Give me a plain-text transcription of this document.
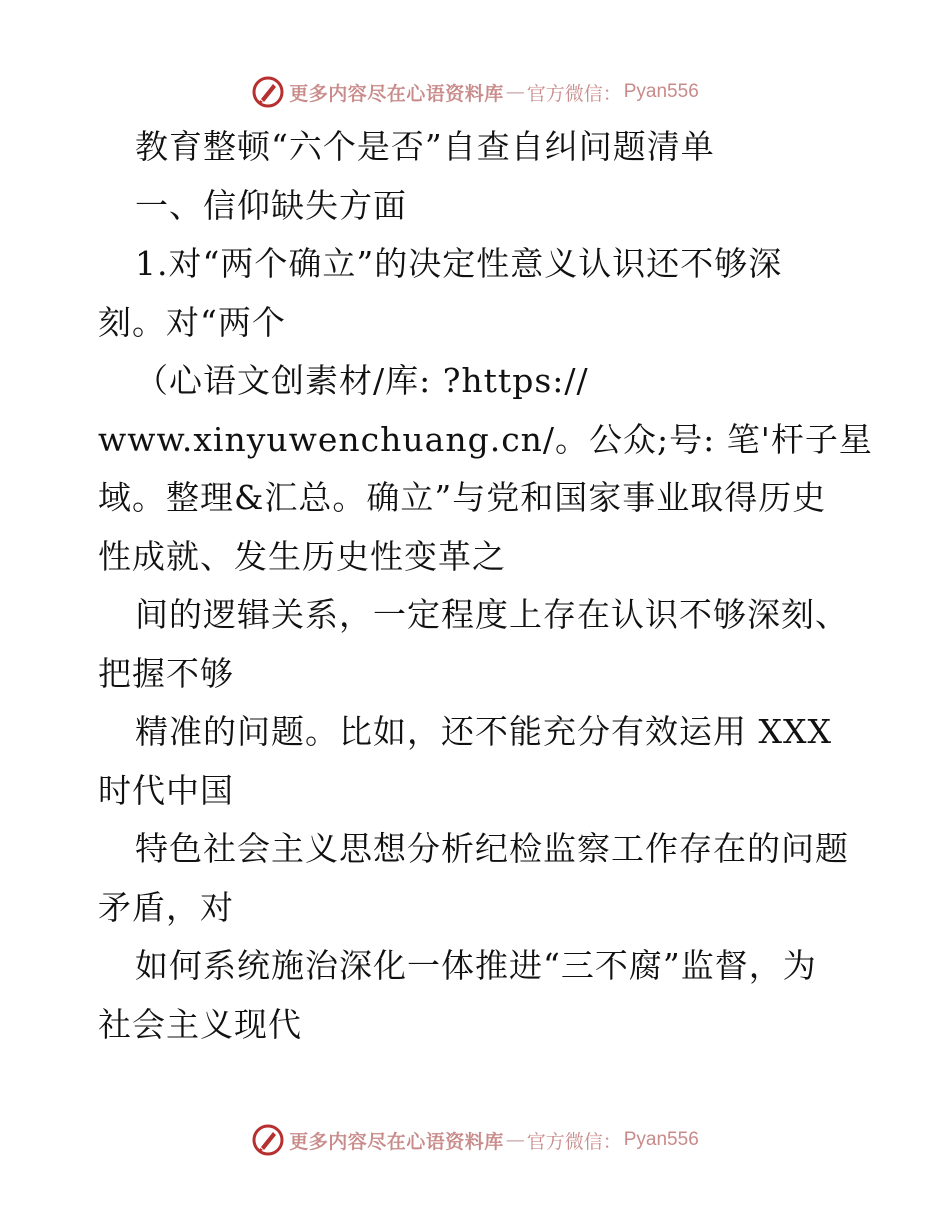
更多内容尽在心语资料库 — 官方微信： Pyan556

教育整顿“六个是否”自查自纠问题清单

一、信仰缺失方面

1.对“两个确立”的决定性意义认识还不够深

刻。对“两个

（心语文创素材/库: ?https://

www.xinyuwenchuang.cn/。公众;号: 笔'杆子星

域。整理&汇总。确立”与党和国家事业取得历史

性成就、发生历史性变革之

间的逻辑关系，一定程度上存在认识不够深刻、

把握不够

精准的问题。比如，还不能充分有效运用 XXX

时代中国

特色社会主义思想分析纪检监察工作存在的问题

矛盾，对

如何系统施治深化一体推进“三不腐”监督，为

社会主义现代

更多内容尽在心语资料库 — 官方微信： Pyan556
